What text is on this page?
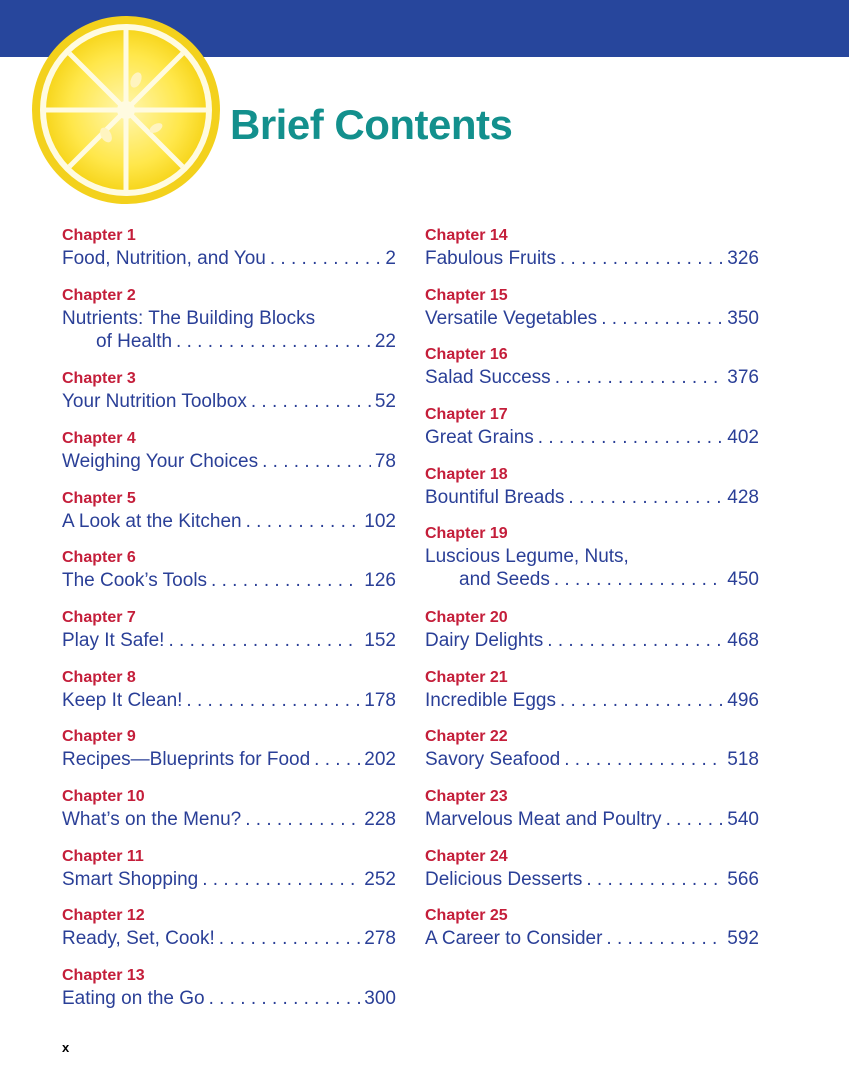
Brief Contents
Chapter 1
Food, Nutrition, and You . . .	2
Chapter 2
Nutrients: The Building Blocks
of Health . . .	22
Chapter 3
Your Nutrition Toolbox . . .	52
Chapter 4
Weighing Your Choices . . .	78
Chapter 5
A Look at the Kitchen . . .	102
Chapter 6
The Cook’s Tools . . .	126
Chapter 7
Play It Safe! . . .	152
Chapter 8
Keep It Clean! . . .	178
Chapter 9
Recipes—Blueprints for Food . . .	202
Chapter 10
What’s on the Menu? . . .	228
Chapter 11
Smart Shopping . . .	252
Chapter 12
Ready, Set, Cook! . . .	278
Chapter 13
Eating on the Go . . .	300
Chapter 14
Fabulous Fruits . . .	326
Chapter 15
Versatile Vegetables . . .	350
Chapter 16
Salad Success . . .	376
Chapter 17
Great Grains . . .	402
Chapter 18
Bountiful Breads . . .	428
Chapter 19
Luscious Legume, Nuts,
and Seeds . . .	450
Chapter 20
Dairy Delights . . .	468
Chapter 21
Incredible Eggs . . .	496
Chapter 22
Savory Seafood . . .	518
Chapter 23
Marvelous Meat and Poultry . . .	540
Chapter 24
Delicious Desserts . . .	566
Chapter 25
A Career to Consider . . .	592
x
